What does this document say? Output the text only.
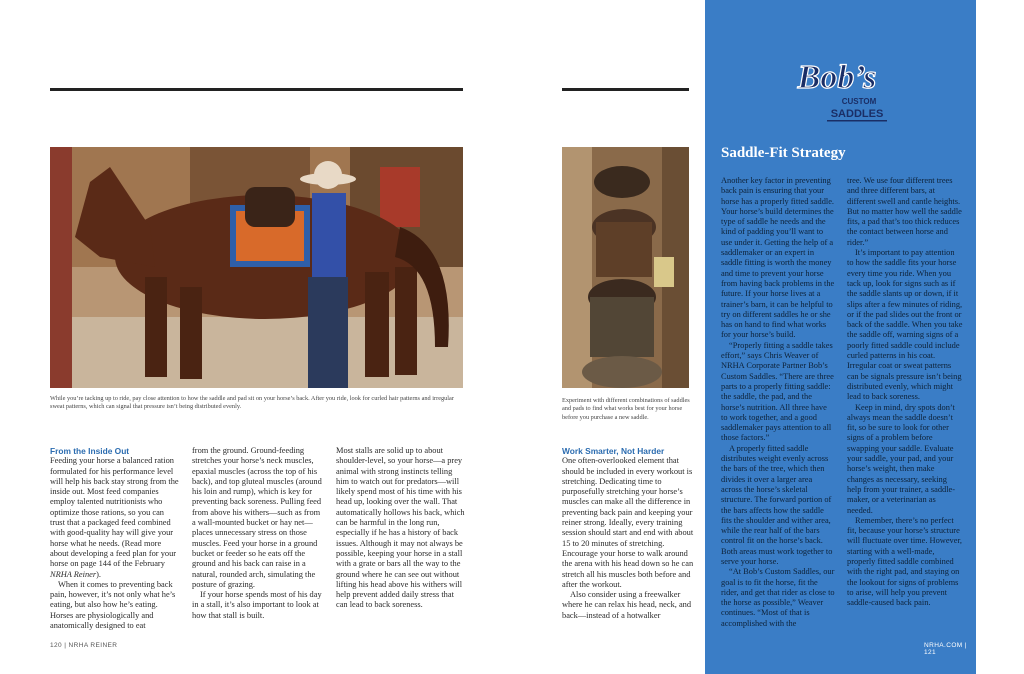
While you’re tacking up to ride, pay close attention to how the saddle and pad sit on your horse’s back. After you ride, look for curled hair patterns and irregular sweat patterns, which can signal that pressure isn’t being distributed evenly.
Experiment with different combinations of saddles and pads to find what works best for your horse before you purchase a new saddle.
From the Inside Out

Feeding your horse a balanced ration formulated for his performance level will help his back stay strong from the inside out. Most feed companies employ talented nutritionists who optimize those rations, so you can trust that a packaged feed combined with good-quality hay will give your horse what he needs. (Read more about developing a feed plan for your horse on page 144 of the February NRHA Reiner).

When it comes to preventing back pain, however, it’s not only what he’s eating, but also how he’s eating. Horses are physiologically and anatomically designed to eat

from the ground. Ground-feeding stretches your horse’s neck muscles, epaxial muscles (across the top of his back), and top gluteal muscles (around his loin and rump), which is key for preventing back soreness. Pulling feed from above his withers—such as from a wall-mounted bucket or hay net—places unnecessary stress on those muscles. Feed your horse in a ground bucket or feeder so he eats off the ground and his back can raise in a natural, rounded arch, simulating the posture of grazing.

If your horse spends most of his day in a stall, it’s also important to look at how that stall is built.

Most stalls are solid up to about shoulder-level, so your horse—a prey animal with strong instincts telling him to watch out for predators—will likely spend most of his time with his head up, looking over the wall. That automatically hollows his back, which can be harmful in the long run, especially if he has a history of back issues. Although it may not always be possible, keeping your horse in a stall with a grate or bars all the way to the ground where he can see out without lifting his head above his withers will help prevent added daily stress that can lead to back soreness.

Work Smarter, Not Harder

One often-overlooked element that should be included in every workout is stretching. Dedicating time to purposefully stretching your horse’s muscles can make all the difference in preventing back pain and keeping your reiner strong. Ideally, every training session should start and end with about 15 to 20 minutes of stretching. Encourage your horse to walk around the arena with his head down so he can stretch all his muscles both before and after the workout.

Also consider using a freewalker where he can relax his head, neck, and back—instead of a hotwalker

120 | NRHA REINER
Bob’s
CUSTOM
SADDLES
Saddle-Fit Strategy

Another key factor in preventing back pain is ensuring that your horse has a properly fitted saddle. Your horse’s build determines the type of saddle he needs and the kind of padding you’ll want to use under it. Getting the help of a saddlemaker or an expert in saddle fitting is worth the money and time to prevent your horse from having back problems in the future. If your horse lives at a trainer’s barn, it can be helpful to try on different saddles he or she has on hand to find what works for your horse’s build.

“Properly fitting a saddle takes effort,” says Chris Weaver of NRHA Corporate Partner Bob’s Custom Saddles. “There are three parts to a properly fitting saddle: the saddle, the pad, and the horse’s nutrition. All three have to work together, and a good saddlemaker pays attention to all those factors.”

A properly fitted saddle distributes weight evenly across the bars of the tree, which then divides it over a larger area across the horse’s skeletal structure. The forward portion of the bars affects how the saddle fits the shoulder and wither area, while the rear half of the bars control fit on the horse’s back. Both areas must work together to serve your horse.

“At Bob’s Custom Saddles, our goal is to fit the horse, fit the rider, and get that rider as close to the horse as possible,” Weaver continues. “Most of that is accomplished with the

tree. We use four different trees and three different bars, at different swell and cantle heights. But no matter how well the saddle fits, a pad that’s too thick reduces the contact between horse and rider.”

It’s important to pay attention to how the saddle fits your horse every time you ride. When you tack up, look for signs such as if the saddle slants up or down, if it slips after a few minutes of riding, or if the pad slides out the front or back of the saddle. When you take the saddle off, warning signs of a poorly fitted saddle could include curled patterns in his coat. Irregular coat or sweat patterns can be signals pressure isn’t being distributed evenly, which might lead to back soreness.

Keep in mind, dry spots don’t always mean the saddle doesn’t fit, so be sure to look for other signs of a problem before swapping your saddle. Evaluate your saddle, your pad, and your horse’s weight, then make changes as necessary, seeking help from your trainer, a saddle-maker, or a veterinarian as needed.

Remember, there’s no perfect fit, because your horse’s structure will fluctuate over time. However, starting with a well-made, properly fitted saddle combined with the right pad, and staying on the lookout for signs of problems to arise, will help you prevent saddle-caused back pain.

NRHA.COM | 121
